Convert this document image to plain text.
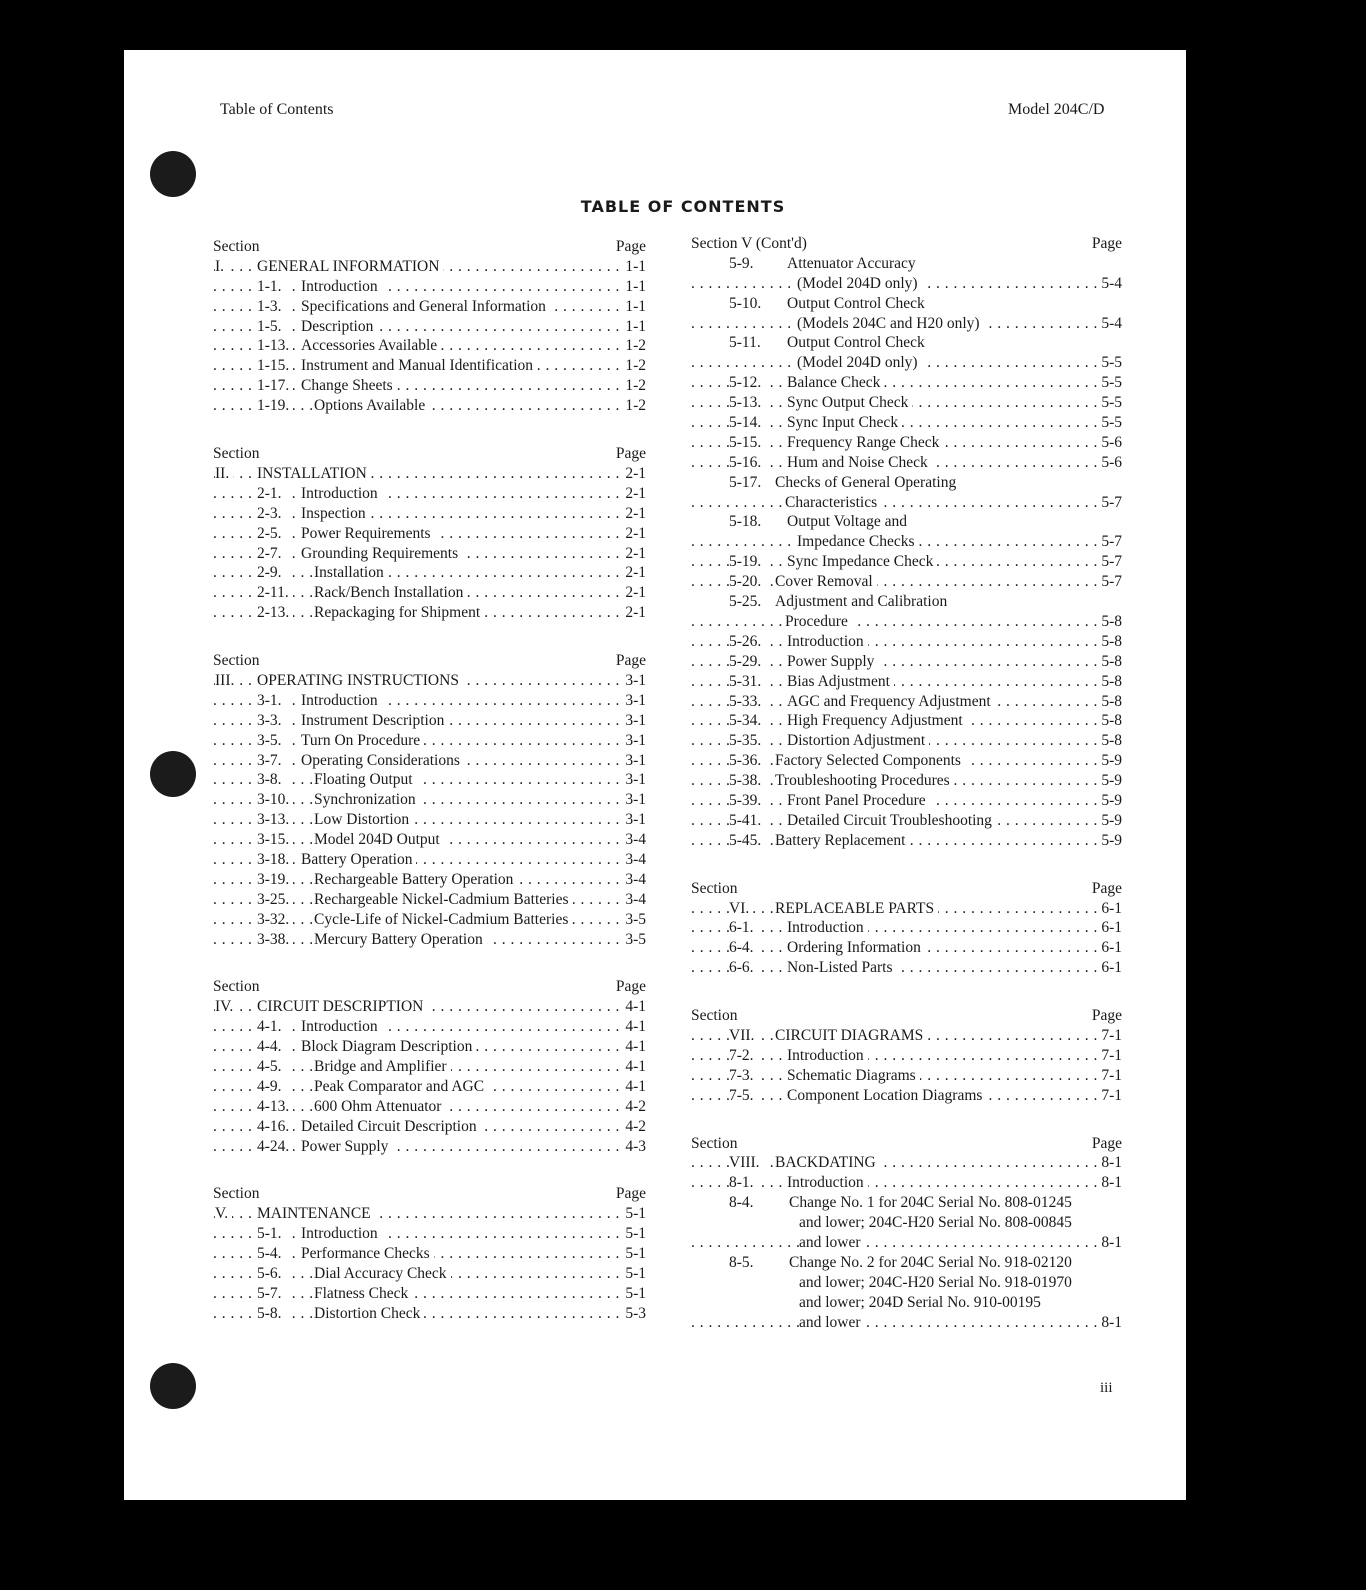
Table of Contents	Model 204C/D
TABLE OF CONTENTS
iii
Section	Page
I. GENERAL INFORMATION	1-1
. . .
1-1. Introduction	1-1
. . .
1-3. Specifications and General Information	1-1
. . .
1-5. Description	1-1
. . .
1-13. Accessories Available	1-2
. . .
1-15. Instrument and Manual Identification	1-2
. . .
1-17. Change Sheets	1-2
. . .
1-19. Options Available	1-2
. . .
Section	Page
II. INSTALLATION	2-1
. . .
2-1. Introduction	2-1
. . .
2-3. Inspection	2-1
. . .
2-5. Power Requirements	2-1
. . .
2-7. Grounding Requirements	2-1
. . .
2-9. Installation	2-1
. . .
2-11. Rack/Bench Installation	2-1
. . .
2-13. Repackaging for Shipment	2-1
. . .
Section	Page
III. OPERATING INSTRUCTIONS	3-1
. . .
3-1. Introduction	3-1
. . .
3-3. Instrument Description	3-1
. . .
3-5. Turn On Procedure	3-1
. . .
3-7. Operating Considerations	3-1
. . .
3-8. Floating Output	3-1
. . .
3-10. Synchronization	3-1
. . .
3-13. Low Distortion	3-1
. . .
3-15. Model 204D Output	3-4
. . .
3-18. Battery Operation	3-4
. . .
3-19. Rechargeable Battery Operation	3-4
. . .
3-25. Rechargeable Nickel-Cadmium Batteries	3-4
. . .
3-32. Cycle-Life of Nickel-Cadmium Batteries	3-5
. . .
3-38. Mercury Battery Operation	3-5
. . .
Section	Page
IV. CIRCUIT DESCRIPTION	4-1
. . .
4-1. Introduction	4-1
. . .
4-4. Block Diagram Description	4-1
. . .
4-5. Bridge and Amplifier	4-1
. . .
4-9. Peak Comparator and AGC	4-1
. . .
4-13. 600 Ohm Attenuator	4-2
. . .
4-16. Detailed Circuit Description	4-2
. . .
4-24. Power Supply	4-3
. . .
Section	Page
V. MAINTENANCE	5-1
. . .
5-1. Introduction	5-1
. . .
5-4. Performance Checks	5-1
. . .
5-6. Dial Accuracy Check	5-1
. . .
5-7. Flatness Check	5-1
. . .
5-8. Distortion Check	5-3
. . .
Section V (Cont'd)	Page
5-9. Attenuator Accuracy
(Model 204D only)	5-4
. . .
5-10. Output Control Check
(Models 204C and H20 only)	5-4
. . .
5-11. Output Control Check
(Model 204D only)	5-5
. . .
5-12. Balance Check	5-5
. . .
5-13. Sync Output Check	5-5
. . .
5-14. Sync Input Check	5-5
. . .
5-15. Frequency Range Check	5-6
. . .
5-16. Hum and Noise Check	5-6
. . .
5-17. Checks of General Operating
Characteristics	5-7
. . .
5-18. Output Voltage and
Impedance Checks	5-7
. . .
5-19. Sync Impedance Check	5-7
. . .
5-20. Cover Removal	5-7
. . .
5-25. Adjustment and Calibration
Procedure	5-8
. . .
5-26. Introduction	5-8
. . .
5-29. Power Supply	5-8
. . .
5-31. Bias Adjustment	5-8
. . .
5-33. AGC and Frequency Adjustment	5-8
. . .
5-34. High Frequency Adjustment	5-8
. . .
5-35. Distortion Adjustment	5-8
. . .
5-36. Factory Selected Components	5-9
. . .
5-38. Troubleshooting Procedures	5-9
. . .
5-39. Front Panel Procedure	5-9
. . .
5-41. Detailed Circuit Troubleshooting	5-9
. . .
5-45. Battery Replacement	5-9
. . .
Section	Page
VI. REPLACEABLE PARTS	6-1
. . .
6-1. Introduction	6-1
. . .
6-4. Ordering Information	6-1
. . .
6-6. Non-Listed Parts	6-1
. . .
Section	Page
VII. CIRCUIT DIAGRAMS	7-1
. . .
7-2. Introduction	7-1
. . .
7-3. Schematic Diagrams	7-1
. . .
7-5. Component Location Diagrams	7-1
. . .
Section	Page
VIII. BACKDATING	8-1
. . .
8-1. Introduction	8-1
. . .
8-4. Change No. 1 for 204C Serial No. 808-01245
and lower; 204C-H20 Serial No. 808-00845
and lower	8-1
. . .
8-5. Change No. 2 for 204C Serial No. 918-02120
and lower; 204C-H20 Serial No. 918-01970
and lower; 204D Serial No. 910-00195
and lower	8-1
. . .
